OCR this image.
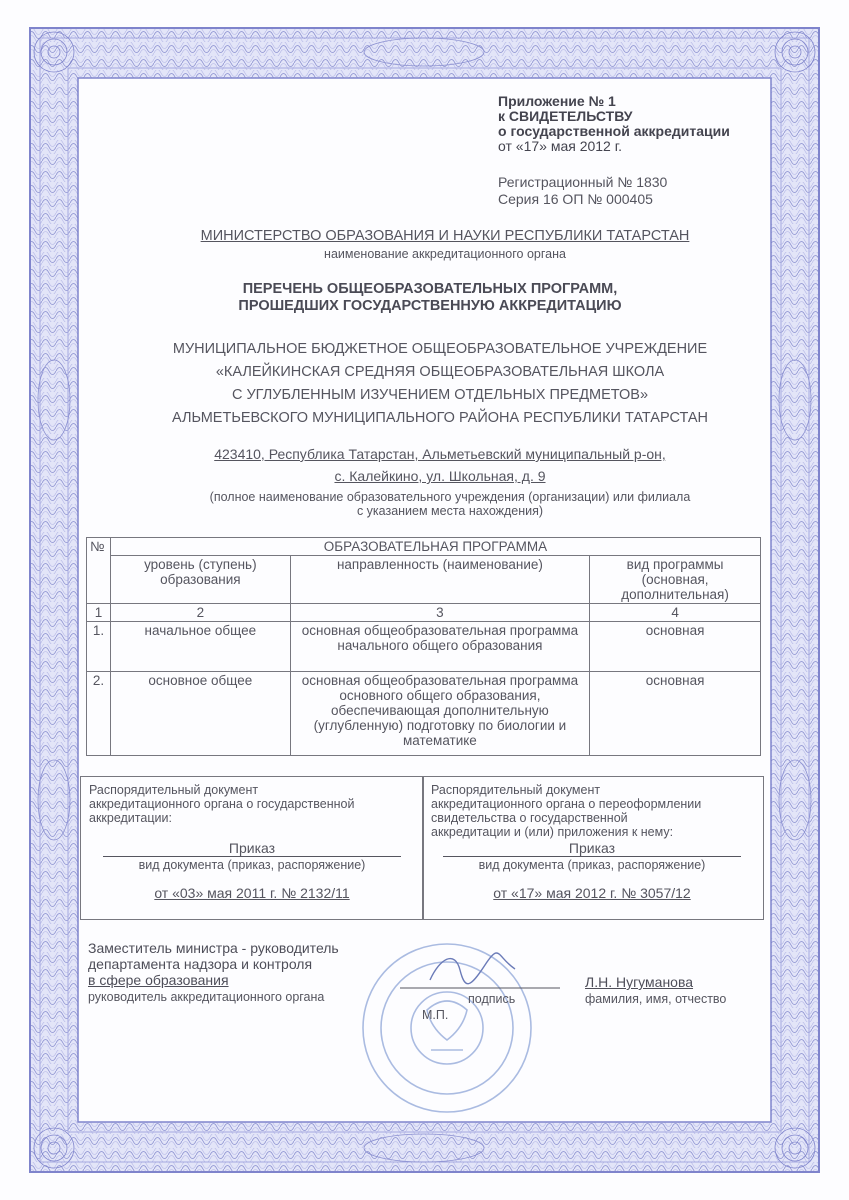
Приложение № 1
к СВИДЕТЕЛЬСТВУ
о государственной аккредитации
от «17» мая 2012 г.
Регистрационный № 1830
Серия 16 ОП № 000405
МИНИСТЕРСТВО ОБРАЗОВАНИЯ И НАУКИ РЕСПУБЛИКИ ТАТАРСТАН
наименование аккредитационного органа
ПЕРЕЧЕНЬ ОБЩЕОБРАЗОВАТЕЛЬНЫХ ПРОГРАММ,
ПРОШЕДШИХ ГОСУДАРСТВЕННУЮ АККРЕДИТАЦИЮ
МУНИЦИПАЛЬНОЕ БЮДЖЕТНОЕ ОБЩЕОБРАЗОВАТЕЛЬНОЕ УЧРЕЖДЕНИЕ
«КАЛЕЙКИНСКАЯ СРЕДНЯЯ ОБЩЕОБРАЗОВАТЕЛЬНАЯ ШКОЛА
С УГЛУБЛЕННЫМ ИЗУЧЕНИЕМ ОТДЕЛЬНЫХ ПРЕДМЕТОВ»
АЛЬМЕТЬЕВСКОГО МУНИЦИПАЛЬНОГО РАЙОНА РЕСПУБЛИКИ ТАТАРСТАН
423410, Республика Татарстан, Альметьевский муниципальный р-он,
с. Калейкино, ул. Школьная, д. 9
(полное наименование образовательного учреждения (организации) или филиала
с указанием места нахождения)
№	ОБРАЗОВАТЕЛЬНАЯ ПРОГРАММА		
	уровень (ступень) образования	направленность (наименование)	вид программы (основная, дополнительная)
1	2	3	4
1.	начальное общее	основная общеобразовательная программа начального общего образования	основная
2.	основное общее	основная общеобразовательная программа основного общего образования, обеспечивающая дополнительную (углубленную) подготовку по биологии и математике	основная
Распорядительный документ
аккредитационного органа о государственной
аккредитации:
Приказ
вид документа (приказ, распоряжение)
от «03» мая 2011 г. № 2132/11
Распорядительный документ
аккредитационного органа о переоформлении
свидетельства о государственной
аккредитации и (или) приложения к нему:
Приказ
вид документа (приказ, распоряжение)
от «17» мая 2012 г. № 3057/12
Заместитель министра - руководитель
департамента надзора и контроля
в сфере образования
руководитель аккредитационного органа	подпись
Л.Н. Нугуманова
фамилия, имя, отчество
М.П.
